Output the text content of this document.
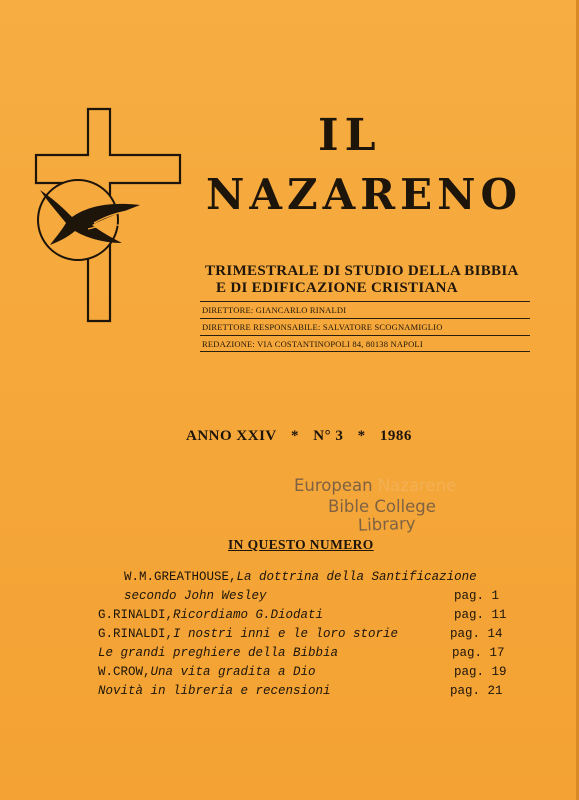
IL
NAZARENO
TRIMESTRALE DI STUDIO DELLA BIBBIA
E DI EDIFICAZIONE CRISTIANA
DIRETTORE: GIANCARLO RINALDI
DIRETTORE RESPONSABILE: SALVATORE SCOGNAMIGLIO
REDAZIONE: VIA COSTANTINOPOLI 84, 80138 NAPOLI
ANNO XXIV * N° 3 * 1986
European Nazarene
Bible College
Library
IN QUESTO NUMERO
W.M.GREATHOUSE,La dottrina della Santificazione
secondo John Wesley	pag. 1
G.RINALDI,Ricordiamo G.Diodati	pag. 11
G.RINALDI,I nostri inni e le loro storie	pag. 14
Le grandi preghiere della Bibbia	pag. 17
W.CROW,Una vita gradita a Dio	pag. 19
Novità in libreria e recensioni	pag. 21
